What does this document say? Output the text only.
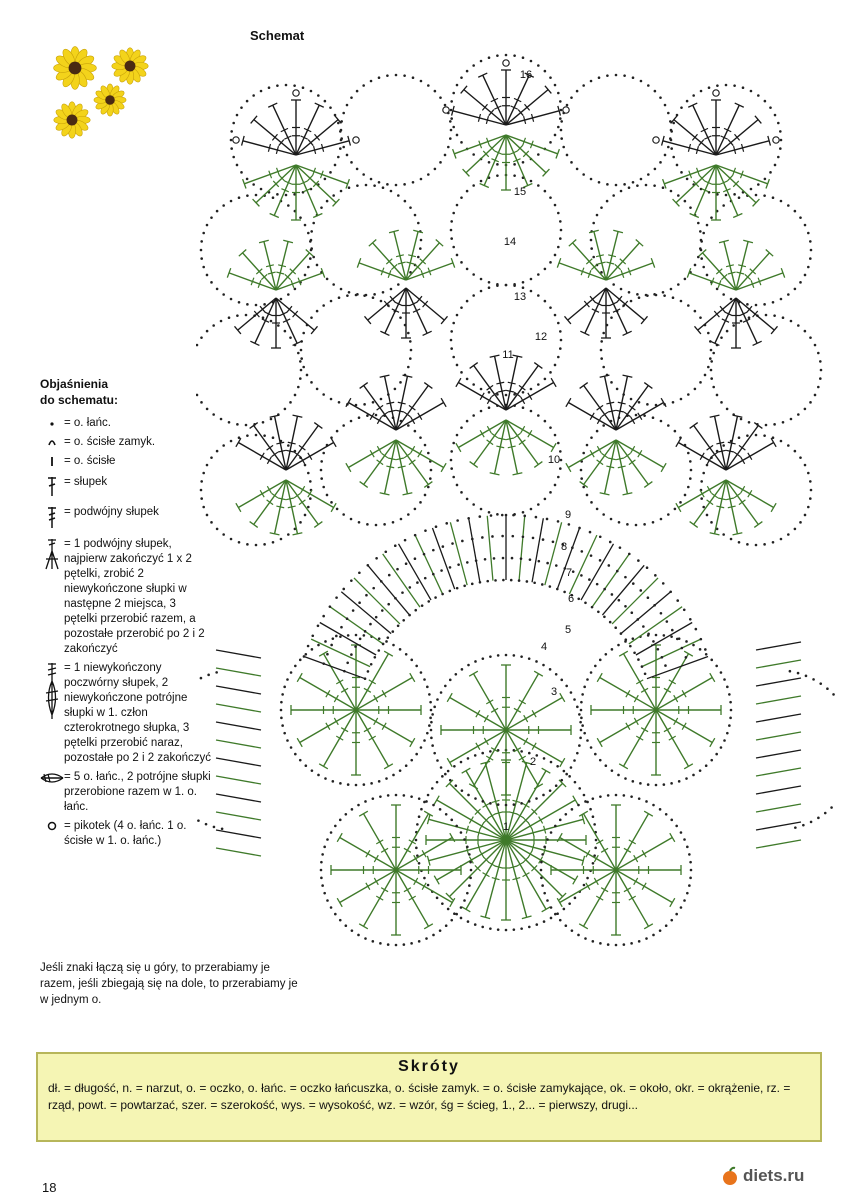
Schemat
Objaśnienia
do schematu:
= o. łańc.
= o. ścisłe zamyk.
= o. ścisłe
= słupek
= podwójny słupek
= 1 podwójny słupek, najpierw zakończyć 1 x 2 pętelki, zrobić 2 niewykończone słupki w następne 2 miejsca, 3 pętelki przerobić razem, a pozostałe przerobić po 2 i 2 zakończyć
= 1 niewykończony poczwórny słupek, 2 niewykończone potrójne słupki w 1. człon czterokrotnego słupka, 3 pętelki przerobić naraz, pozostałe po 2 i 2 zakończyć
= 5 o. łańc., 2 potrójne słupki przerobione razem w 1. o. łańc.
= pikotek (4 o. łańc. 1 o. ścisłe w 1. o. łańc.)
Jeśli znaki łączą się u góry, to przerabiamy je razem, jeśli zbiegają się na dole, to przerabiamy je w jednym o.
1
2
3
4
5
6
7
8
9
10
11
12
13
14
15
16
Skróty
dł. = długość, n. = narzut, o. = oczko, o. łańc. = oczko łańcuszka, o. ścisłe zamyk. = o. ścisłe zamykające, ok. = około, okr. = okrążenie, rz. = rząd, powt. = powtarzać, szer. = szerokość, wys. = wysokość, wz. = wzór, śg = ścieg, 1., 2... = pierwszy, drugi...
18
diets.ru
